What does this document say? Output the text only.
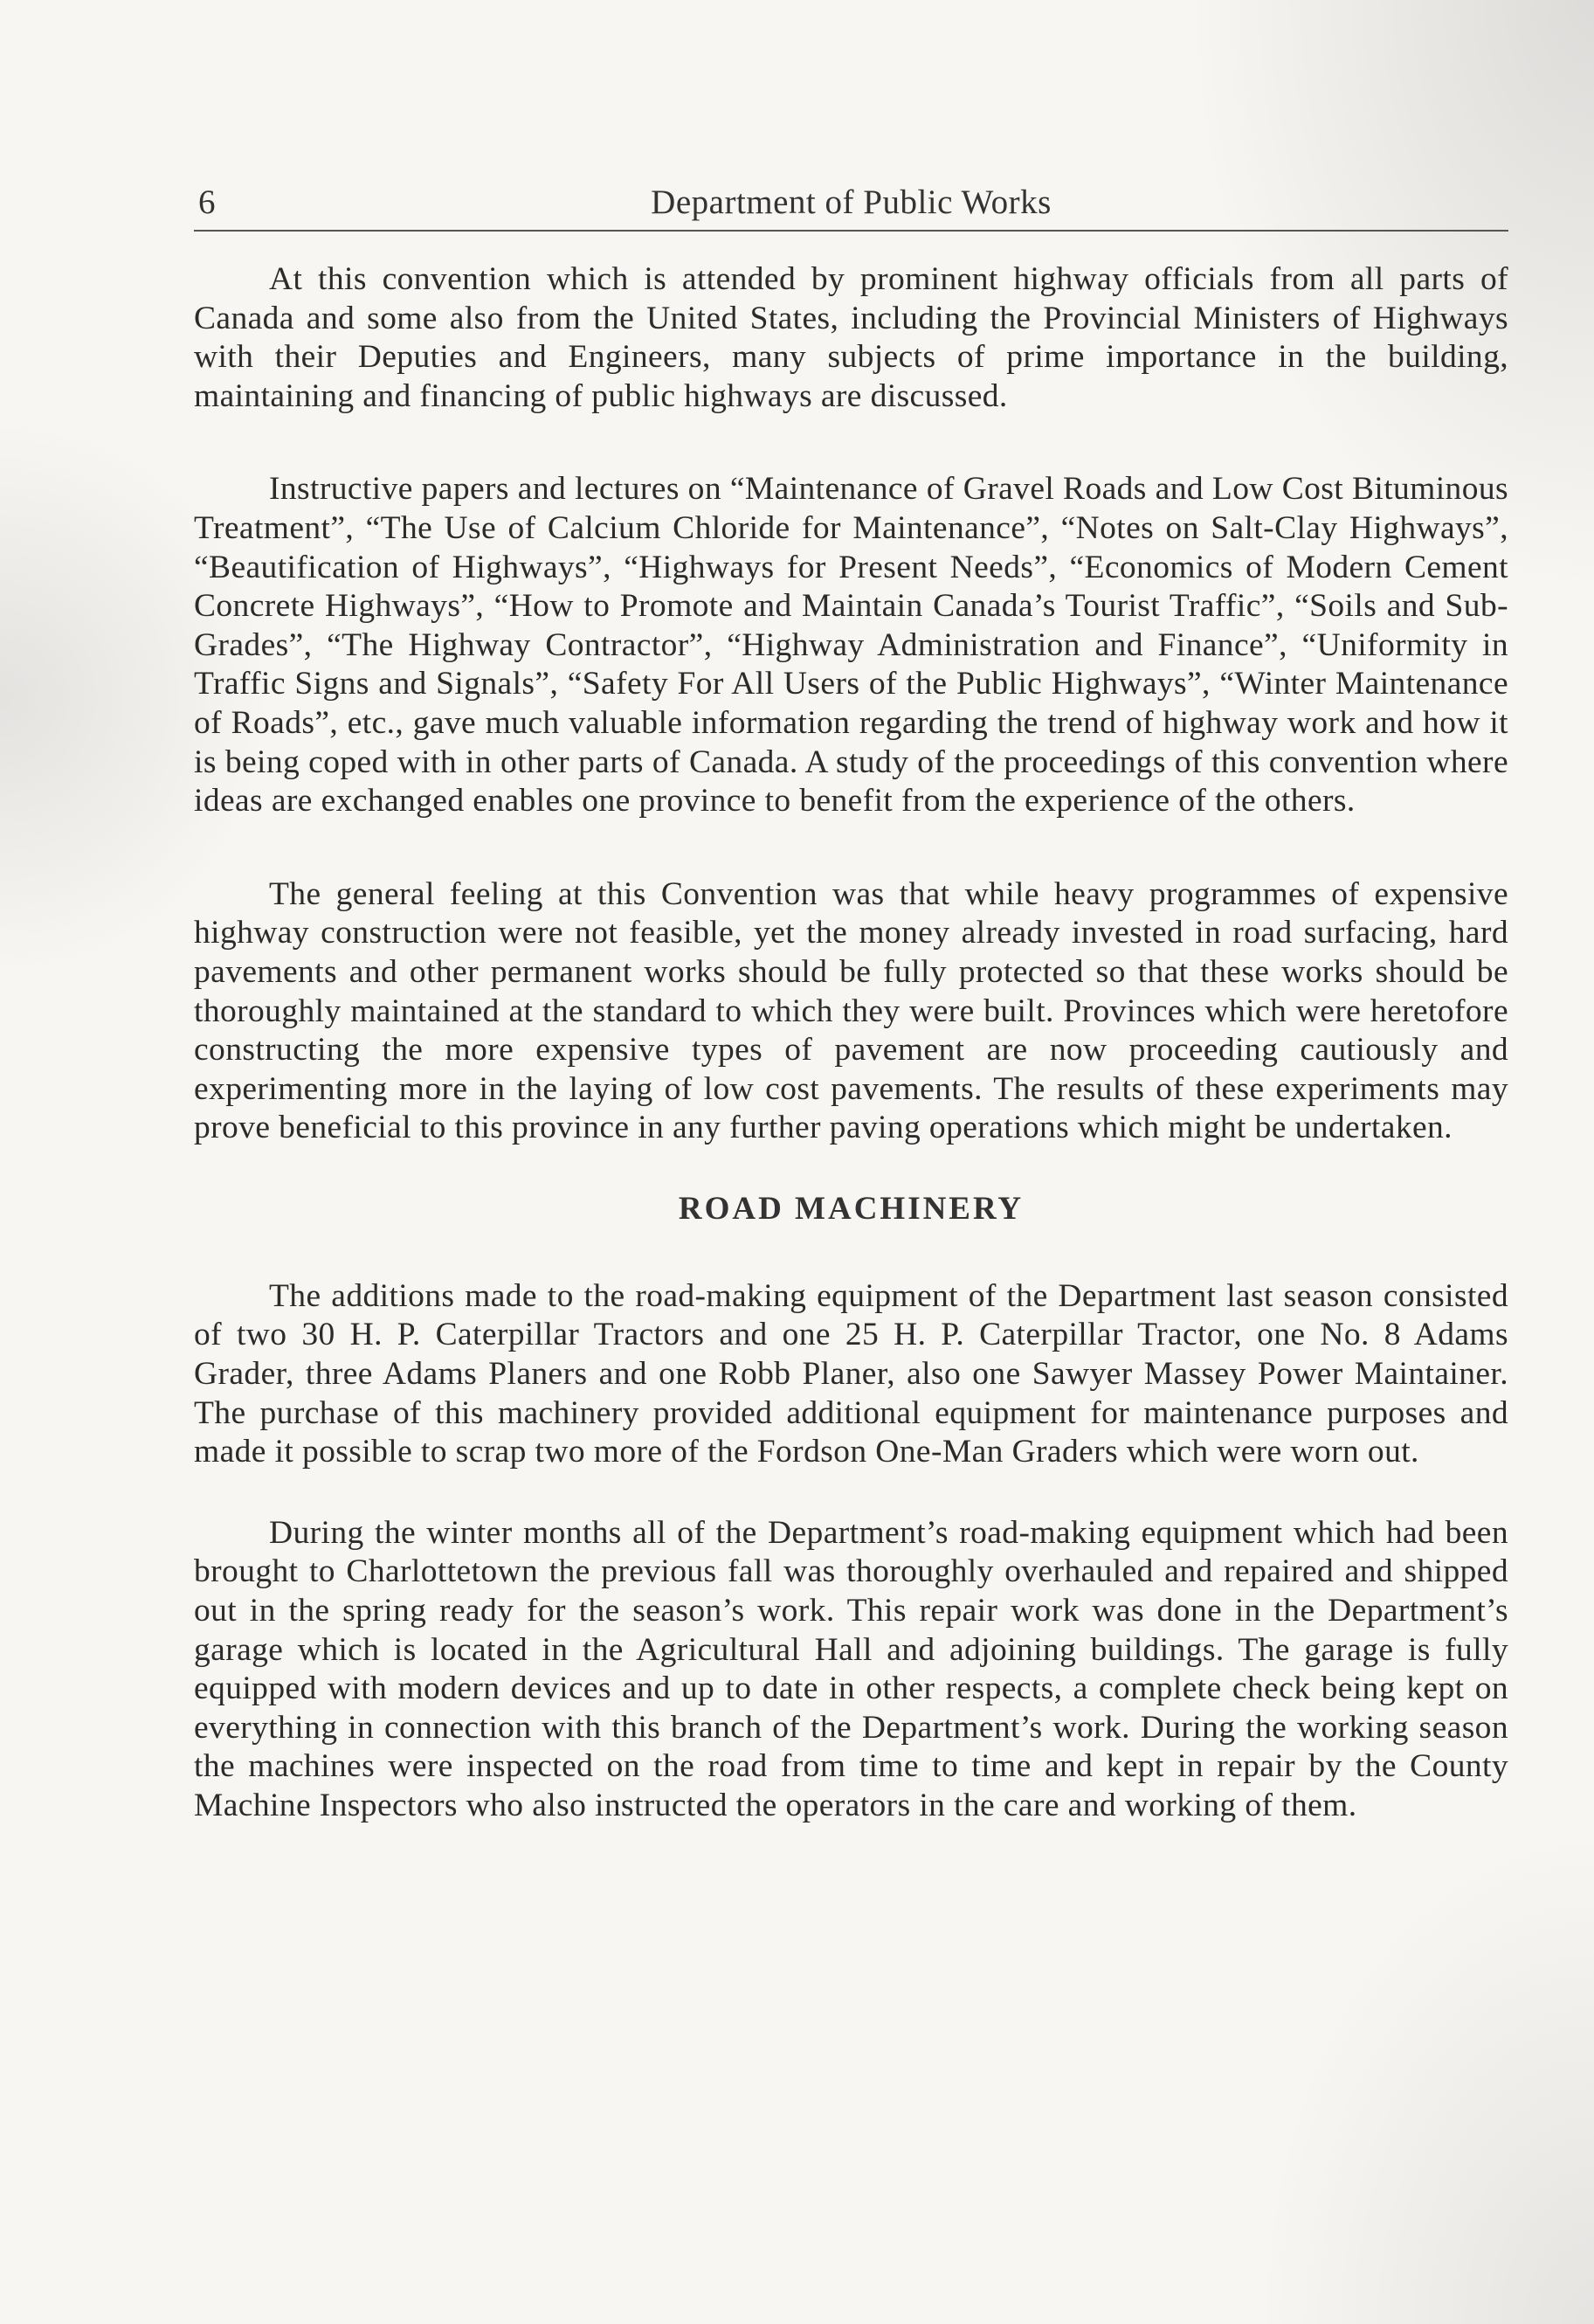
6	Department of Public Works

At this convention which is attended by prominent highway officials from all parts of Canada and some also from the United States, including the Provincial Ministers of Highways with their Deputies and Engineers, many subjects of prime importance in the building, maintaining and financing of public highways are discussed.

Instructive papers and lectures on “Maintenance of Gravel Roads and Low Cost Bituminous Treatment”, “The Use of Calcium Chloride for Maintenance”, “Notes on Salt-Clay Highways”, “Beautification of Highways”, “Highways for Present Needs”, “Economics of Modern Cement Concrete Highways”, “How to Promote and Maintain Canada’s Tourist Traffic”, “Soils and Sub-Grades”, “The Highway Contractor”, “Highway Administration and Finance”, “Uniformity in Traffic Signs and Signals”, “Safety For All Users of the Public Highways”, “Winter Maintenance of Roads”, etc., gave much valuable information regarding the trend of highway work and how it is being coped with in other parts of Canada. A study of the proceedings of this convention where ideas are exchanged enables one province to benefit from the experience of the others.

The general feeling at this Convention was that while heavy programmes of expensive highway construction were not feasible, yet the money already invested in road surfacing, hard pavements and other permanent works should be fully protected so that these works should be thoroughly maintained at the standard to which they were built. Provinces which were heretofore constructing the more expensive types of pavement are now proceeding cautiously and experimenting more in the laying of low cost pavements. The results of these experiments may prove beneficial to this province in any further paving operations which might be undertaken.

ROAD MACHINERY

The additions made to the road-making equipment of the Department last season consisted of two 30 H. P. Caterpillar Tractors and one 25 H. P. Caterpillar Tractor, one No. 8 Adams Grader, three Adams Planers and one Robb Planer, also one Sawyer Massey Power Maintainer. The purchase of this machinery provided additional equipment for maintenance purposes and made it possible to scrap two more of the Fordson One-Man Graders which were worn out.

During the winter months all of the Department’s road-making equipment which had been brought to Charlottetown the previous fall was thoroughly overhauled and repaired and shipped out in the spring ready for the season’s work. This repair work was done in the Department’s garage which is located in the Agricultural Hall and adjoining buildings. The garage is fully equipped with modern devices and up to date in other respects, a complete check being kept on everything in connection with this branch of the Department’s work. During the working season the machines were inspected on the road from time to time and kept in repair by the County Machine Inspectors who also instructed the operators in the care and working of them.
